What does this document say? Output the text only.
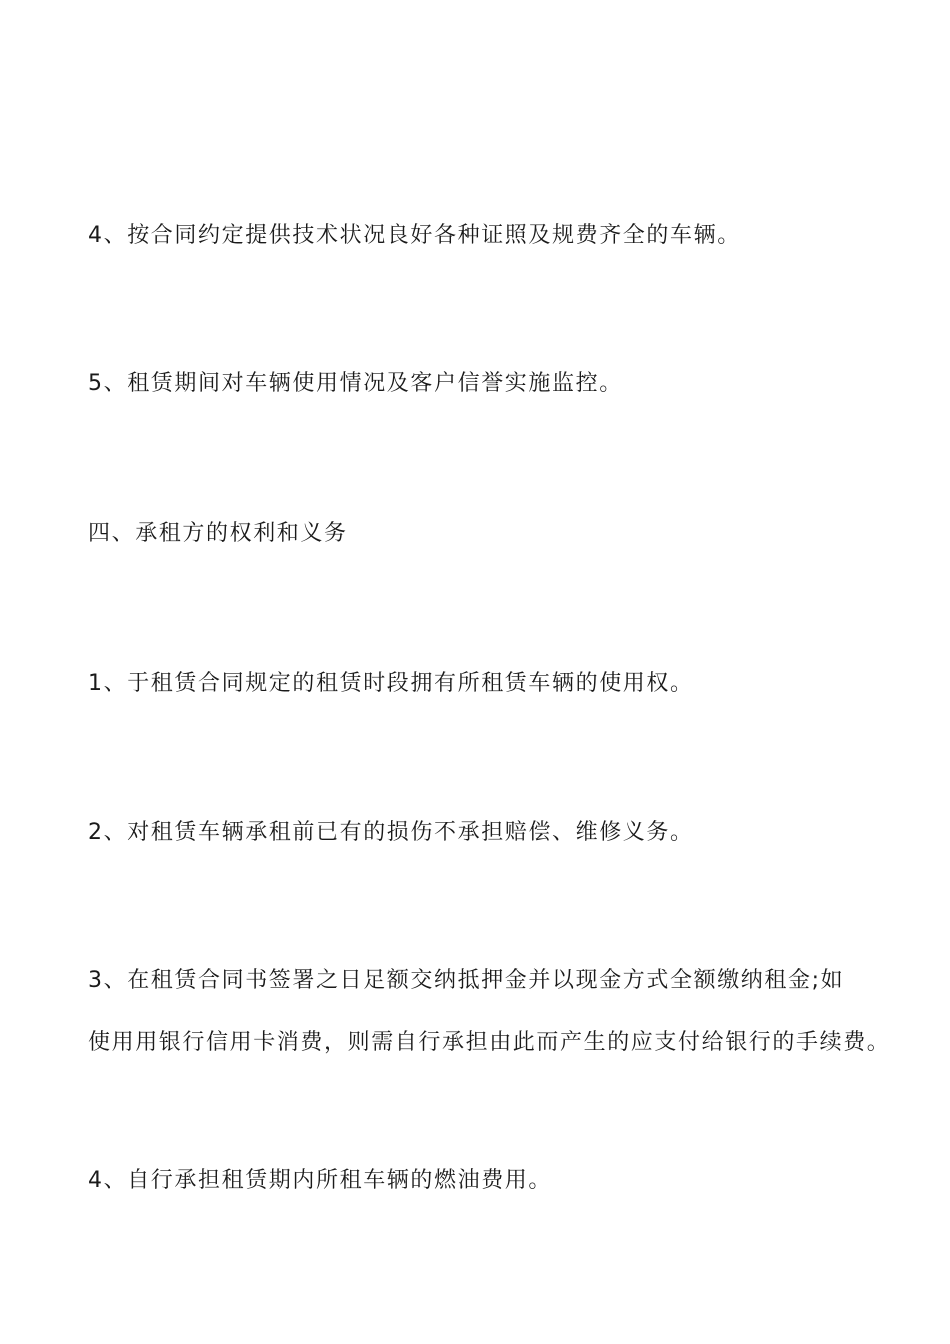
4、按合同约定提供技术状况良好各种证照及规费齐全的车辆。

5、租赁期间对车辆使用情况及客户信誉实施监控。

四、承租方的权利和义务

1、于租赁合同规定的租赁时段拥有所租赁车辆的使用权。

2、对租赁车辆承租前已有的损伤不承担赔偿、维修义务。

3、在租赁合同书签署之日足额交纳抵押金并以现金方式全额缴纳租金;如
使用用银行信用卡消费，则需自行承担由此而产生的应支付给银行的手续费。

4、自行承担租赁期内所租车辆的燃油费用。
